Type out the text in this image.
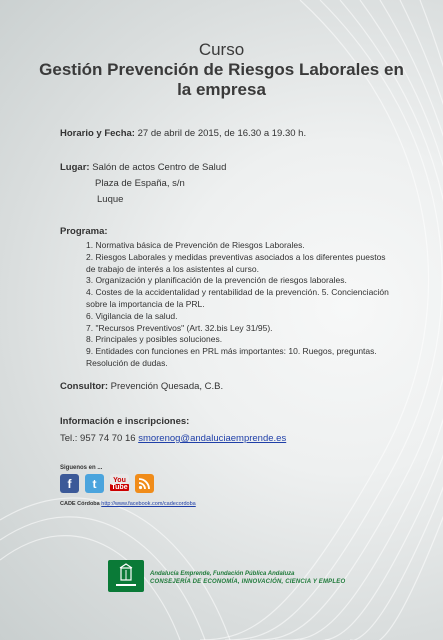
Curso
Gestión Prevención de Riesgos Laborales en
la empresa
Horario y Fecha: 27 de abril de 2015, de 16.30 a 19.30 h.
Lugar: Salón de actos Centro de Salud
Plaza de España, s/n
Luque
Programa:
1. Normativa básica de Prevención de Riesgos Laborales.
2. Riesgos Laborales y medidas preventivas asociados a los diferentes puestos de trabajo de interés a los asistentes al curso.
3. Organización y planificación de la prevención de riesgos laborales.
4. Costes de la accidentalidad y rentabilidad de la prevención. 5. Concienciación sobre la importancia de la PRL.
6. Vigilancia de la salud.
7. "Recursos Preventivos" (Art. 32.bis Ley 31/95).
8. Principales y posibles soluciones.
9. Entidades con funciones en PRL más importantes: 10. Ruegos, preguntas. Resolución de dudas.
Consultor: Prevención Quesada, C.B.
Información e inscripciones:
Tel.: 957 74 70 16 smorenog@andaluciaemprende.es
Siguenos en ...
f	t	You
Tube
CADE Córdoba http://www.facebook.com/cadecordoba
Andalucía Emprende, Fundación Pública Andaluza
CONSEJERÍA DE ECONOMÍA, INNOVACIÓN, CIENCIA Y EMPLEO
